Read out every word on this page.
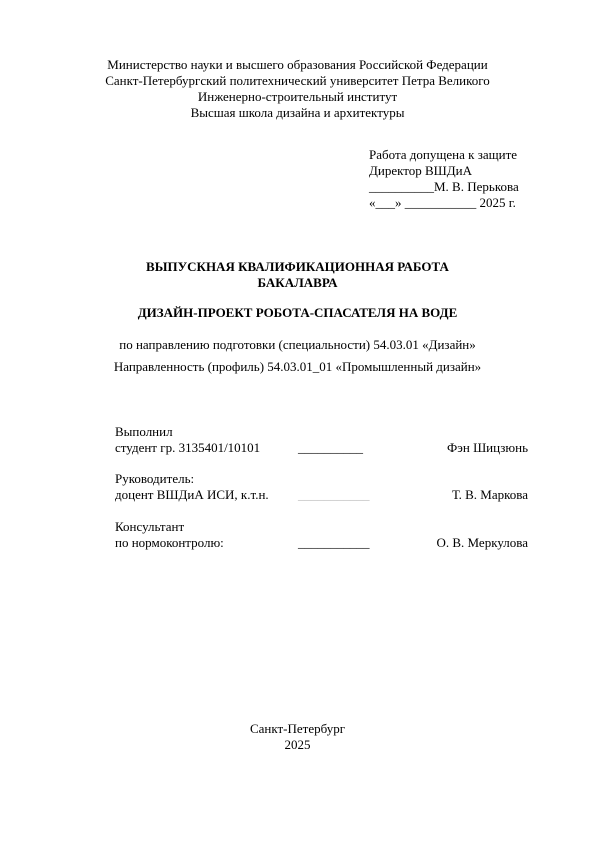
Министерство науки и высшего образования Российской Федерации
Санкт-Петербургский политехнический университет Петра Великого
Инженерно-строительный институт
Высшая школа дизайна и архитектуры
Работа допущена к защите
Директор ВШДиА
__________М. В. Перькова
«___» ___________ 2025 г.
ВЫПУСКНАЯ КВАЛИФИКАЦИОННАЯ РАБОТА
БАКАЛАВРА
ДИЗАЙН-ПРОЕКТ РОБОТА-СПАСАТЕЛЯ НА ВОДЕ
по направлению подготовки (специальности) 54.03.01 «Дизайн»
Направленность (профиль) 54.03.01_01 «Промышленный дизайн»
Выполнил
студент гр. 3135401/10101	__________	Фэн Шицзюнь
Руководитель:
доцент ВШДиА ИСИ, к.т.н. ___________	Т. В. Маркова
Консультант
по нормоконтролю:	___________	О. В. Меркулова
Санкт-Петербург
2025
